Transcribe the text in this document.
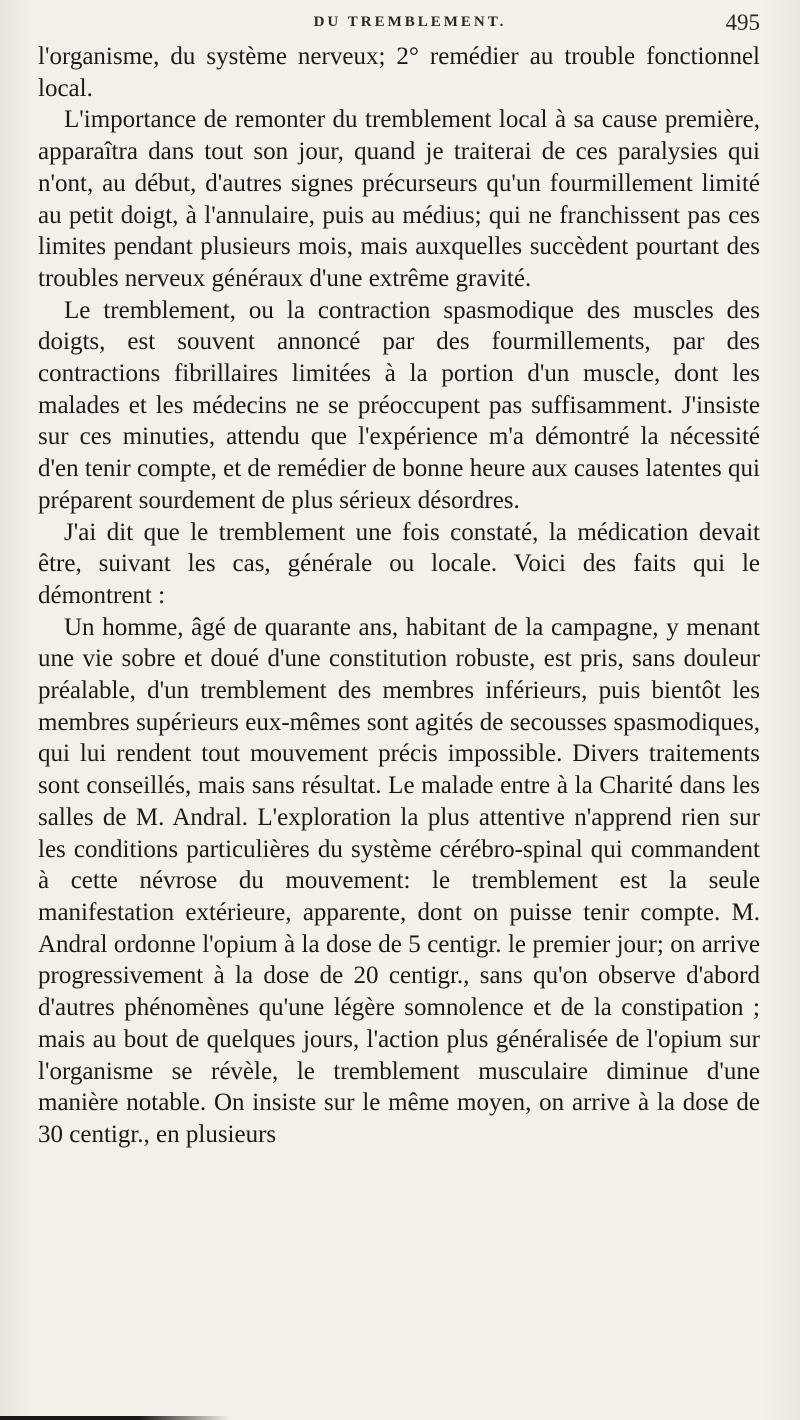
DU TREMBLEMENT.	495

l'organisme, du système nerveux; 2° remédier au trouble fonctionnel local.

L'importance de remonter du tremblement local à sa cause première, apparaîtra dans tout son jour, quand je traiterai de ces paralysies qui n'ont, au début, d'autres signes précurseurs qu'un fourmillement limité au petit doigt, à l'annulaire, puis au médius; qui ne franchissent pas ces limites pendant plusieurs mois, mais auxquelles succèdent pourtant des troubles nerveux généraux d'une extrême gravité.

Le tremblement, ou la contraction spasmodique des muscles des doigts, est souvent annoncé par des fourmillements, par des contractions fibrillaires limitées à la portion d'un muscle, dont les malades et les médecins ne se préoccupent pas suffisamment. J'insiste sur ces minuties, attendu que l'expérience m'a démontré la nécessité d'en tenir compte, et de remédier de bonne heure aux causes latentes qui préparent sourdement de plus sérieux désordres.

J'ai dit que le tremblement une fois constaté, la médication devait être, suivant les cas, générale ou locale. Voici des faits qui le démontrent :

Un homme, âgé de quarante ans, habitant de la campagne, y menant une vie sobre et doué d'une constitution robuste, est pris, sans douleur préalable, d'un tremblement des membres inférieurs, puis bientôt les membres supérieurs eux-mêmes sont agités de secousses spasmodiques, qui lui rendent tout mouvement précis impossible. Divers traitements sont conseillés, mais sans résultat. Le malade entre à la Charité dans les salles de M. Andral. L'exploration la plus attentive n'apprend rien sur les conditions particulières du système cérébro-spinal qui commandent à cette névrose du mouvement: le tremblement est la seule manifestation extérieure, apparente, dont on puisse tenir compte. M. Andral ordonne l'opium à la dose de 5 centigr. le premier jour; on arrive progressivement à la dose de 20 centigr., sans qu'on observe d'abord d'autres phénomènes qu'une légère somnolence et de la constipation ; mais au bout de quelques jours, l'action plus généralisée de l'opium sur l'organisme se révèle, le tremblement musculaire diminue d'une manière notable. On insiste sur le même moyen, on arrive à la dose de 30 centigr., en plusieurs
